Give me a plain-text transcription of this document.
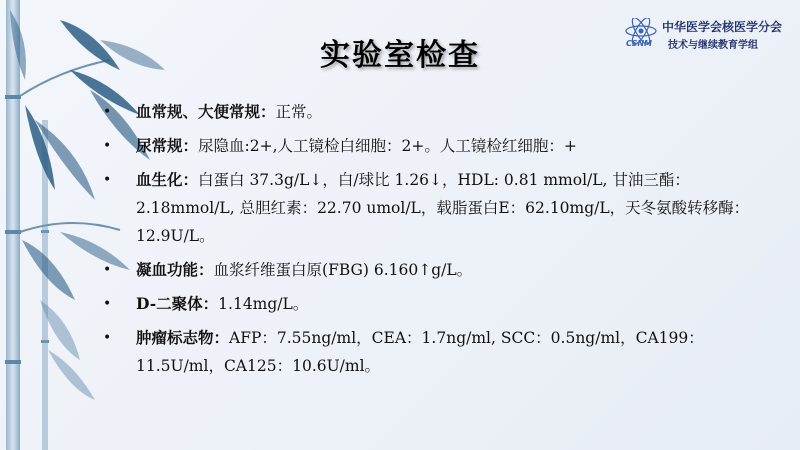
CSNM
中华医学会核医学分会
技术与继续教育学组
实验室检查
• 血常规、大便常规：正常。
• 尿常规：尿隐血:2+,人工镜检白细胞：2+。人工镜检红细胞：+
• 血生化：白蛋白 37.3g/L↓，白/球比 1.26↓，HDL: 0.81 mmol/L, 甘油三酯：2.18mmol/L, 总胆红素：22.70 umol/L，载脂蛋白E：62.10mg/L，天冬氨酸转移酶：12.9U/L。
• 凝血功能：血浆纤维蛋白原(FBG) 6.160↑g/L。
• D-二聚体：1.14mg/L。
• 肿瘤标志物：AFP：7.55ng/ml，CEA：1.7ng/ml, SCC：0.5ng/ml，CA199：11.5U/ml，CA125：10.6U/ml。
